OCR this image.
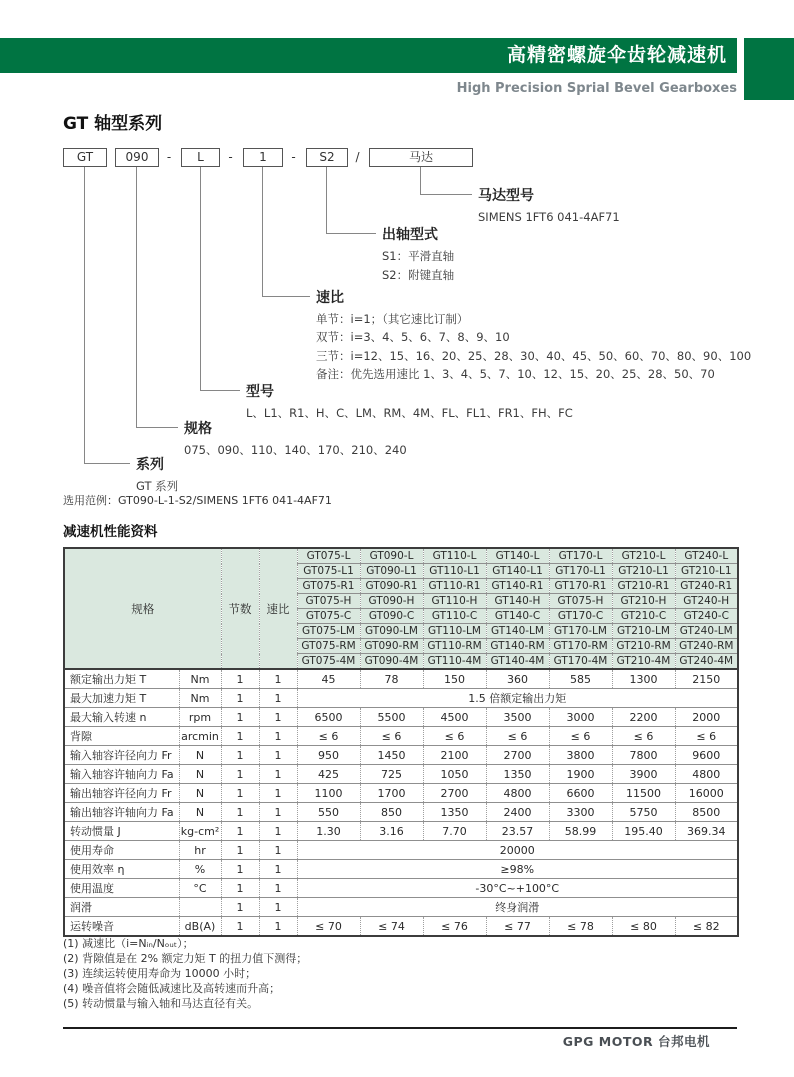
高精密螺旋伞齿轮减速机
High Precision Sprial Bevel Gearboxes
GT 轴型系列
GT	090	L	1	S2	马达
-	-	-	/
马达型号
SIMENS 1FT6 041-4AF71
出轴型式
S1：平滑直轴
S2：附键直轴
速比
单节：i=1；（其它速比订制）
双节：i=3、4、5、6、7、8、9、10
三节：i=12、15、16、20、25、28、30、40、45、50、60、70、80、90、100
备注：优先选用速比 1、3、4、5、7、10、12、15、20、25、28、50、70
型号
L、L1、R1、H、C、LM、RM、4M、FL、FL1、FR1、FH、FC
规格
075、090、110、140、170、210、240
系列
GT 系列
选用范例：GT090-L-1-S2/SIMENS 1FT6 041-4AF71
减速机性能资料
规格		节数	速比	GT075-L	GT090-L	GT110-L	GT140-L	GT170-L	GT210-L	GT240-L
				GT075-L1	GT090-L1	GT110-L1	GT140-L1	GT170-L1	GT210-L1	GT210-L1
				GT075-R1	GT090-R1	GT110-R1	GT140-R1	GT170-R1	GT210-R1	GT240-R1
				GT075-H	GT090-H	GT110-H	GT140-H	GT075-H	GT210-H	GT240-H
				GT075-C	GT090-C	GT110-C	GT140-C	GT170-C	GT210-C	GT240-C
				GT075-LM	GT090-LM	GT110-LM	GT140-LM	GT170-LM	GT210-LM	GT240-LM
				GT075-RM	GT090-RM	GT110-RM	GT140-RM	GT170-RM	GT210-RM	GT240-RM
				GT075-4M	GT090-4M	GT110-4M	GT140-4M	GT170-4M	GT210-4M	GT240-4M
额定输出力矩 T	Nm	1	1	45	78	150	360	585	1300	2150
最大加速力矩 T	Nm	1	1	1.5 倍额定输出力矩						
最大输入转速 n	rpm	1	1	6500	5500	4500	3500	3000	2200	2000
背隙	arcmin	1	1	≤ 6	≤ 6	≤ 6	≤ 6	≤ 6	≤ 6	≤ 6
输入轴容许径向力 Fr	N	1	1	950	1450	2100	2700	3800	7800	9600
输入轴容许轴向力 Fa	N	1	1	425	725	1050	1350	1900	3900	4800
输出轴容许径向力 Fr	N	1	1	1100	1700	2700	4800	6600	11500	16000
输出轴容许轴向力 Fa	N	1	1	550	850	1350	2400	3300	5750	8500
转动惯量 J	kg-cm²	1	1	1.30	3.16	7.70	23.57	58.99	195.40	369.34
使用寿命	hr	1	1	20000						
使用效率 η	%	1	1	≥98%						
使用温度	°C	1	1	-30°C~+100°C						
润滑		1	1	终身润滑						
运转噪音	dB(A)	1	1	≤ 70	≤ 74	≤ 76	≤ 77	≤ 78	≤ 80	≤ 82
(1) 减速比（i=Nᵢₙ/Nₒᵤₜ）；
(2) 背隙值是在 2% 额定力矩 T 的扭力值下测得；
(3) 连续运转使用寿命为 10000 小时；
(4) 噪音值将会随低减速比及高转速而升高；
(5) 转动惯量与输入轴和马达直径有关。
GPG MOTOR 台邦电机
